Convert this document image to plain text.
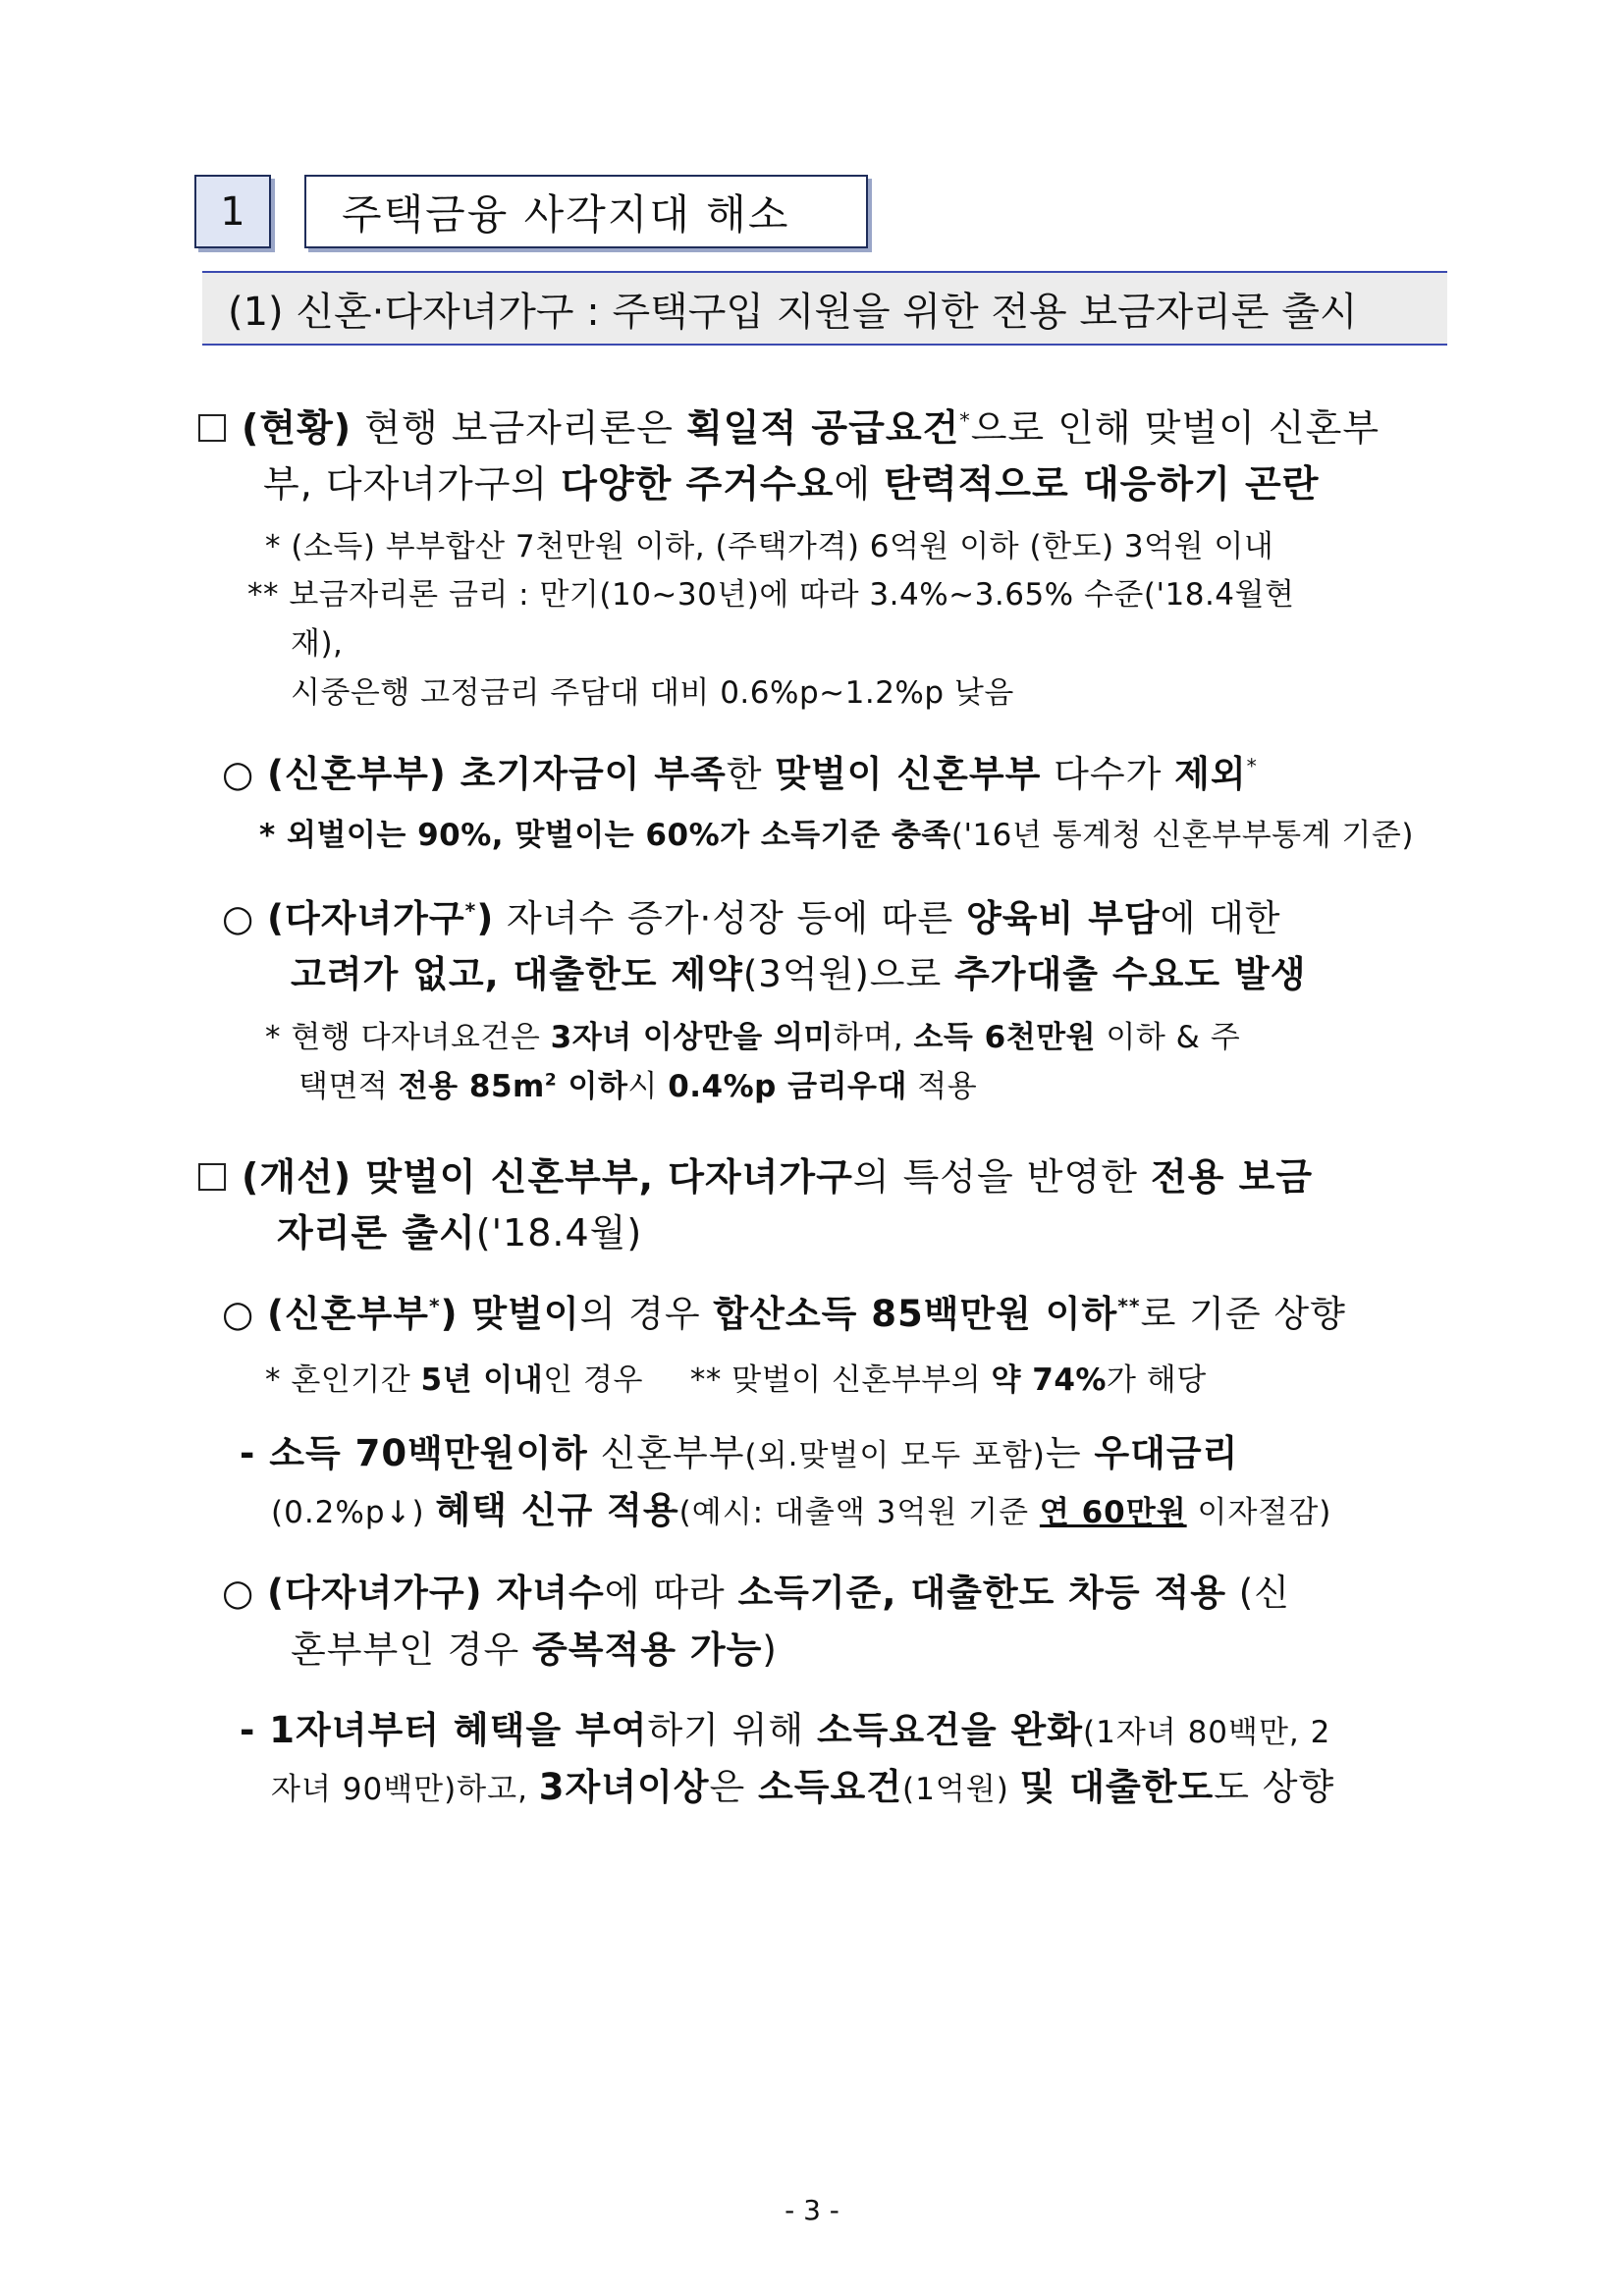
1	주택금융 사각지대 해소
(1) 신혼·다자녀가구 : 주택구입 지원을 위한 전용 보금자리론 출시
(현황) 현행 보금자리론은 획일적 공급요건*으로 인해 맞벌이 신혼부
부, 다자녀가구의 다양한 주거수요에 탄력적으로 대응하기 곤란
* (소득) 부부합산 7천만원 이하, (주택가격) 6억원 이하 (한도) 3억원 이내
** 보금자리론 금리 : 만기(10~30년)에 따라 3.4%~3.65% 수준('18.4월현
재),
시중은행 고정금리 주담대 대비 0.6%p~1.2%p 낮음
○ (신혼부부) 초기자금이 부족한 맞벌이 신혼부부 다수가 제외*
* 외벌이는 90%, 맞벌이는 60%가 소득기준 충족('16년 통계청 신혼부부통계 기준)
○ (다자녀가구*) 자녀수 증가·성장 등에 따른 양육비 부담에 대한
고려가 없고, 대출한도 제약(3억원)으로 추가대출 수요도 발생
* 현행 다자녀요건은 3자녀 이상만을 의미하며, 소득 6천만원 이하 & 주
택면적 전용 $85m^2$ 이하시 0.4%p 금리우대 적용
(개선) 맞벌이 신혼부부, 다자녀가구의 특성을 반영한 전용 보금
자리론 출시('18.4월)
○ (신혼부부*) 맞벌이의 경우 합산소득 85백만원 이하**로 기준 상향
* 혼인기간 5년 이내인 경우 ** 맞벌이 신혼부부의 약 74%가 해당
- 소득 70백만원이하 신혼부부(외.맞벌이 모두 포함)는 우대금리
(0.2%p↓) 혜택 신규 적용(예시: 대출액 3억원 기준 연 60만원 이자절감)
○ (다자녀가구) 자녀수에 따라 소득기준, 대출한도 차등 적용 (신
혼부부인 경우 중복적용 가능)
- 1자녀부터 혜택을 부여하기 위해 소득요건을 완화(1자녀 80백만, 2
자녀 90백만)하고, 3자녀이상은 소득요건(1억원) 및 대출한도도 상향
- 3 -
